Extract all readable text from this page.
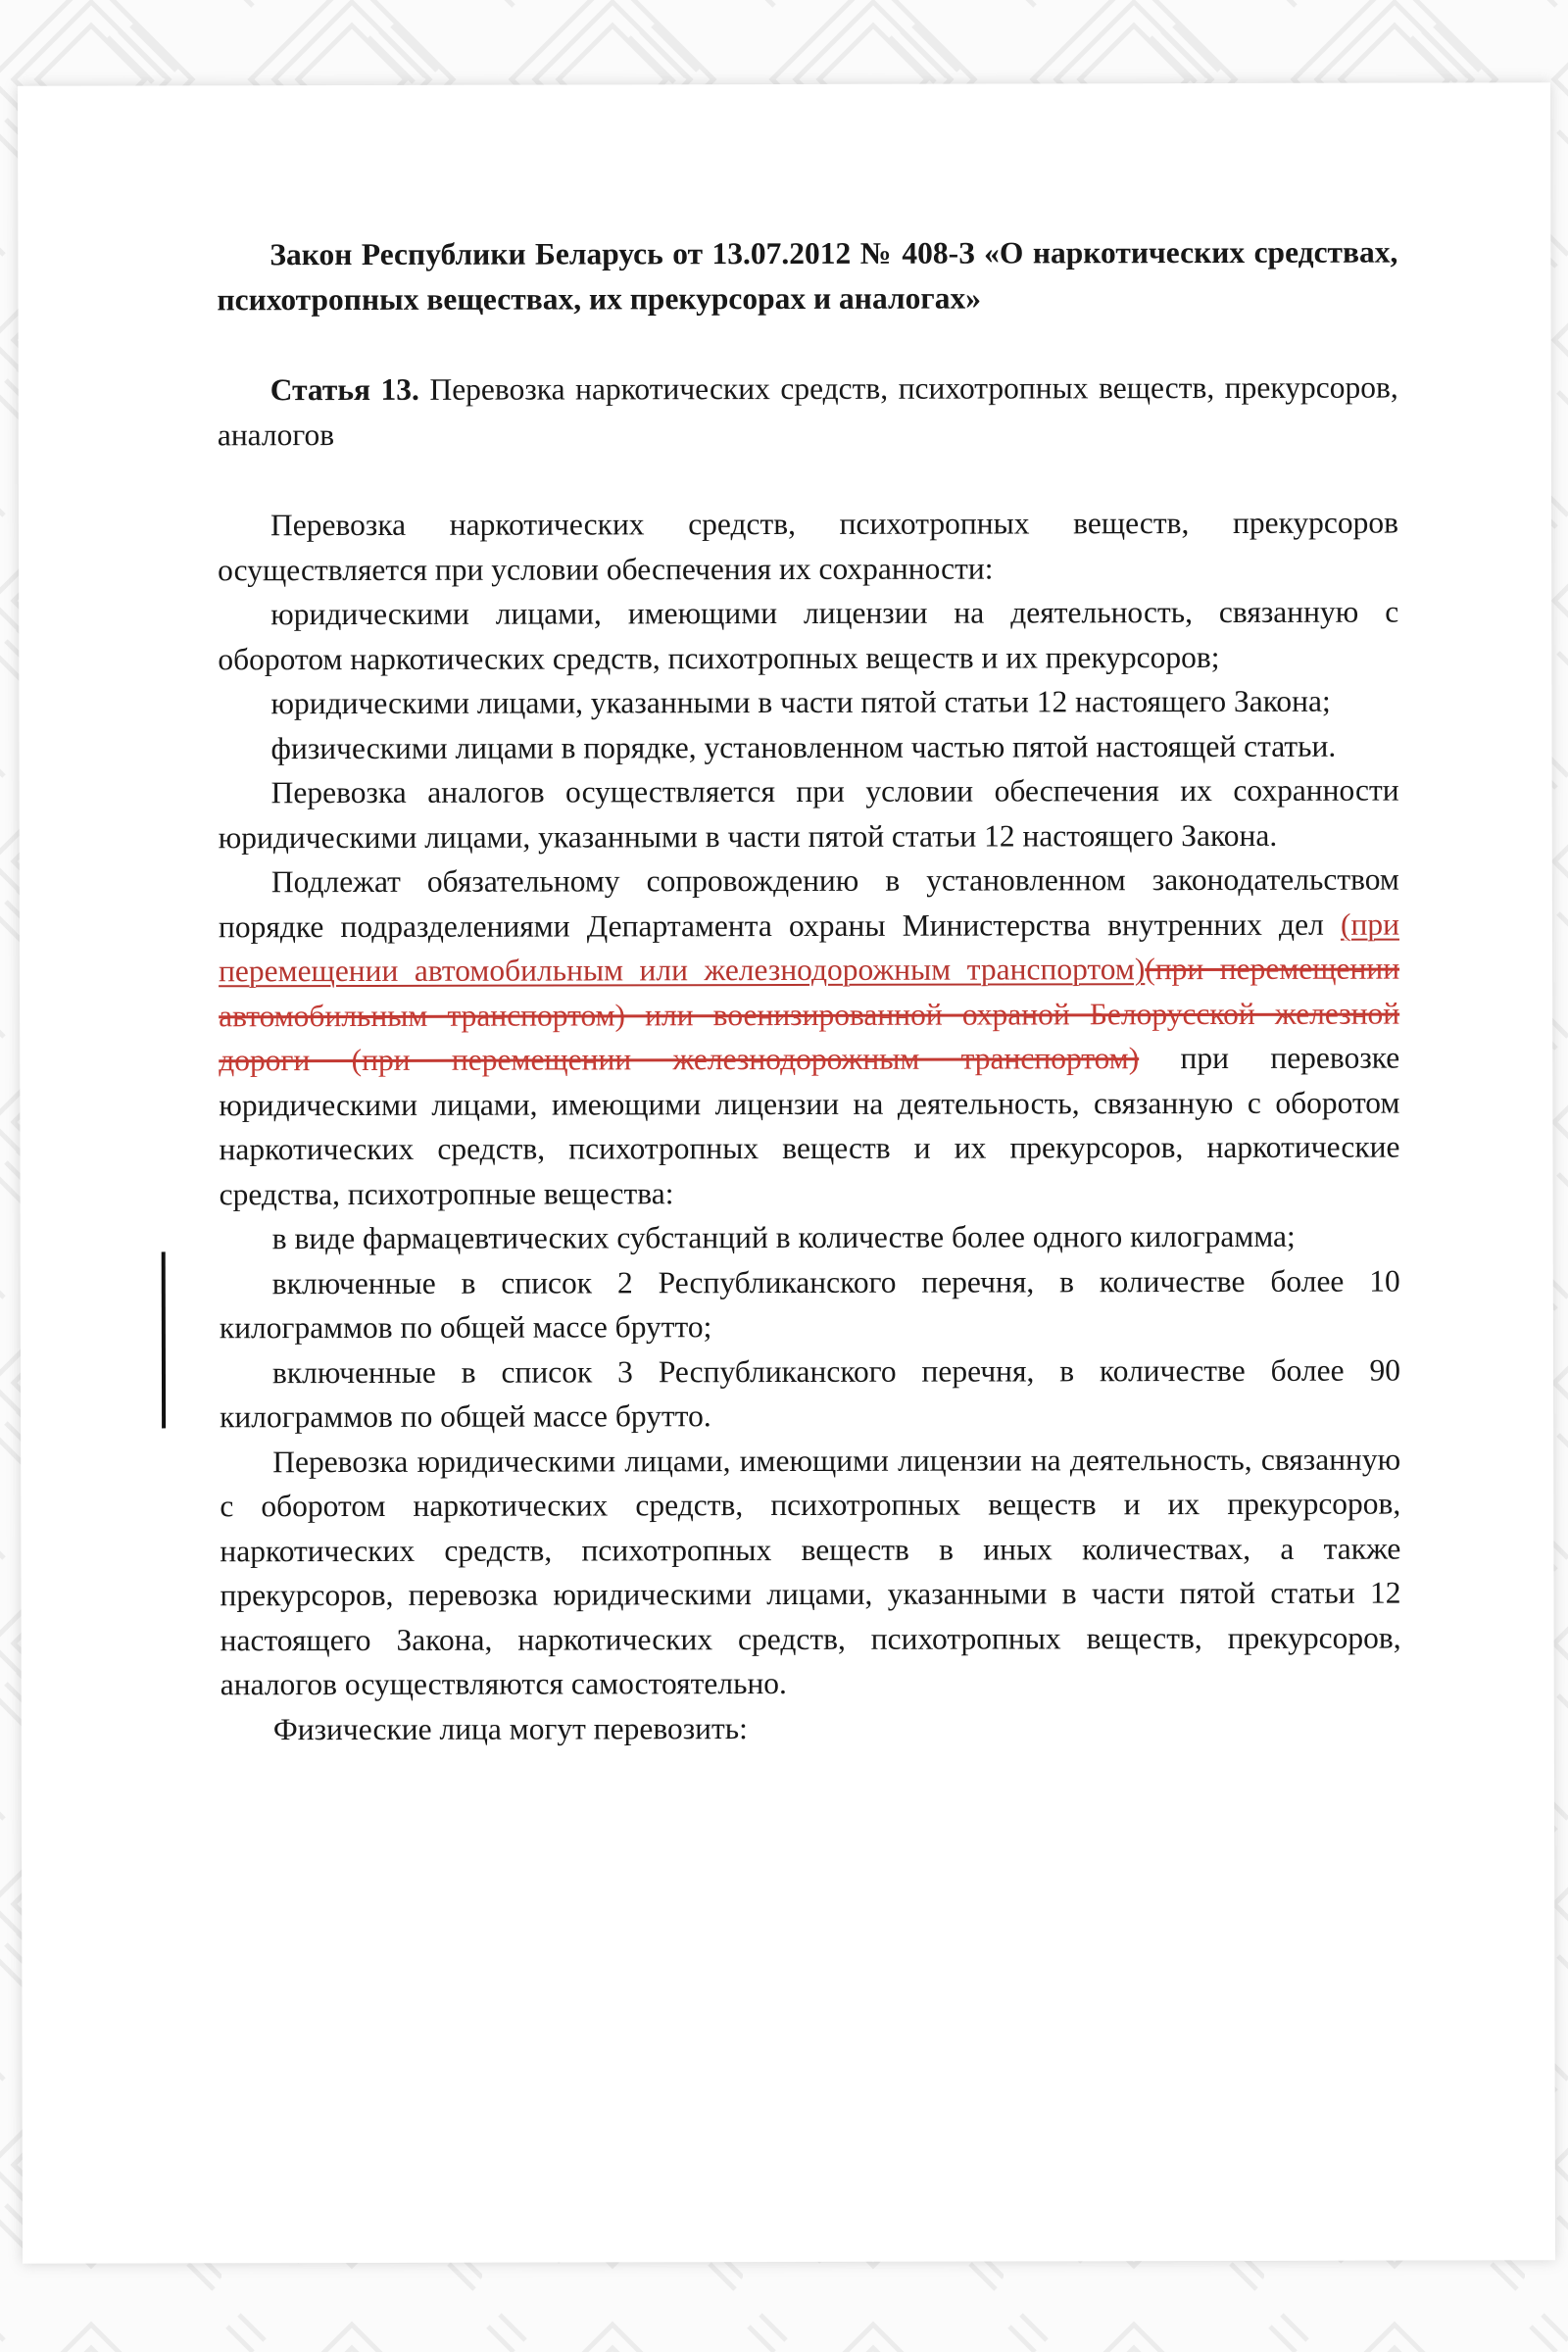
Закон Республики Беларусь от 13.07.2012 № 408-З «О наркотических средствах, психотропных веществах, их прекурсорах и аналогах»

Статья 13. Перевозка наркотических средств, психотропных веществ, прекурсоров, аналогов

Перевозка наркотических средств, психотропных веществ, прекурсоров осуществляется при условии обеспечения их сохранности:

юридическими лицами, имеющими лицензии на деятельность, связанную с оборотом наркотических средств, психотропных веществ и их прекурсоров;

юридическими лицами, указанными в части пятой статьи 12 настоящего Закона;

физическими лицами в порядке, установленном частью пятой настоящей статьи.

Перевозка аналогов осуществляется при условии обеспечения их сохранности юридическими лицами, указанными в части пятой статьи 12 настоящего Закона.

Подлежат обязательному сопровождению в установленном законодательством порядке подразделениями Департамента охраны Министерства внутренних дел (при перемещении автомобильным или железнодорожным транспортом)(при перемещении автомобильным транспортом) или военизированной охраной Белорусской железной дороги (при перемещении железнодорожным транспортом) при перевозке юридическими лицами, имеющими лицензии на деятельность, связанную с оборотом наркотических средств, психотропных веществ и их прекурсоров, наркотические средства, психотропные вещества:

в виде фармацевтических субстанций в количестве более одного килограмма;

включенные в список 2 Республиканского перечня, в количестве более 10 килограммов по общей массе брутто;

включенные в список 3 Республиканского перечня, в количестве более 90 килограммов по общей массе брутто.

Перевозка юридическими лицами, имеющими лицензии на деятельность, связанную с оборотом наркотических средств, психотропных веществ и их прекурсоров, наркотических средств, психотропных веществ в иных количествах, а также прекурсоров, перевозка юридическими лицами, указанными в части пятой статьи 12 настоящего Закона, наркотических средств, психотропных веществ, прекурсоров, аналогов осуществляются самостоятельно.

Физические лица могут перевозить:
